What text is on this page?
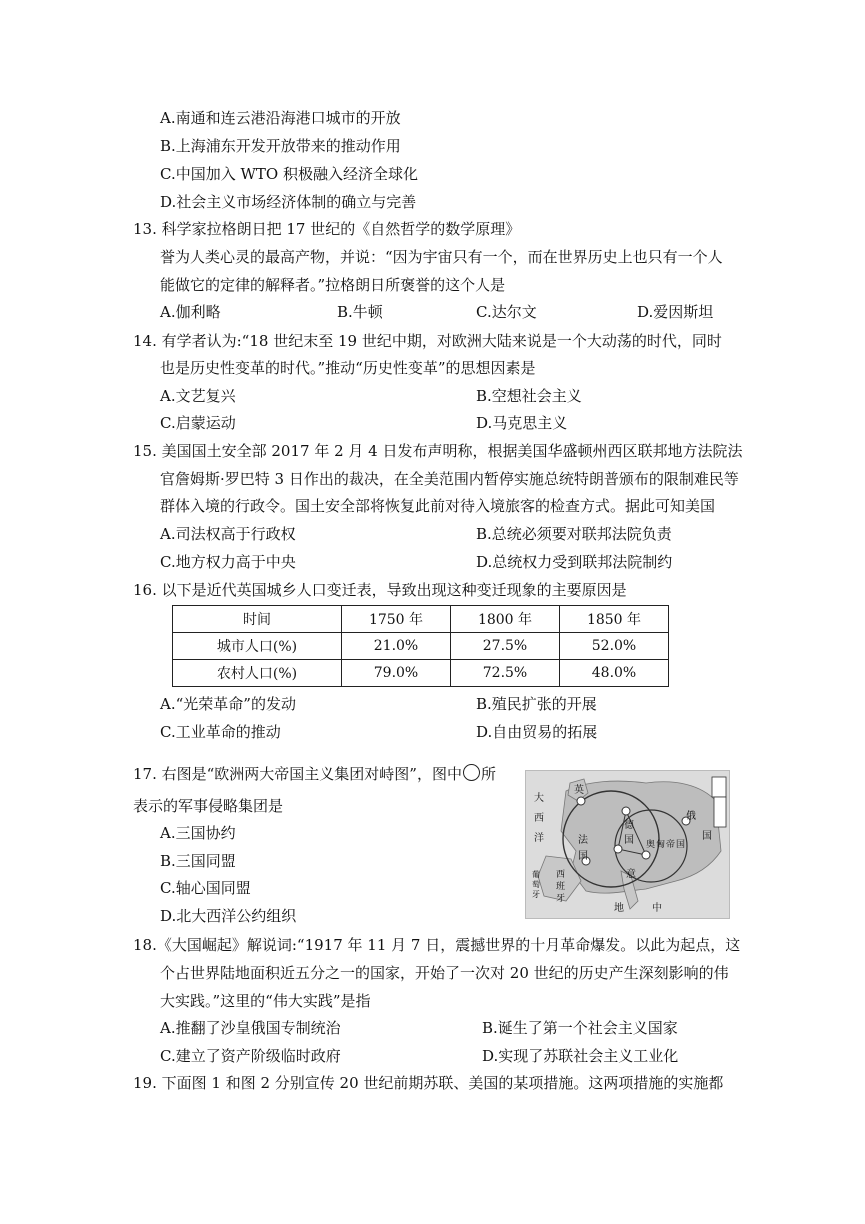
A.南通和连云港沿海港口城市的开放
B.上海浦东开发开放带来的推动作用
C.中国加入 WTO 积极融入经济全球化
D.社会主义市场经济体制的确立与完善
13. 科学家拉格朗日把 17 世纪的《自然哲学的数学原理》
誉为人类心灵的最高产物，并说：“因为宇宙只有一个，而在世界历史上也只有一个人
能做它的定律的解释者。”拉格朗日所褒誉的这个人是
A.伽利略	B.牛顿	C.达尔文	D.爱因斯坦
14. 有学者认为:“18 世纪末至 19 世纪中期，对欧洲大陆来说是一个大动荡的时代，同时
也是历史性变革的时代。”推动“历史性变革”的思想因素是
A.文艺复兴	B.空想社会主义
C.启蒙运动	D.马克思主义
15. 美国国土安全部 2017 年 2 月 4 日发布声明称，根据美国华盛顿州西区联邦地方法院法
官詹姆斯·罗巴特 3 日作出的裁决，在全美范围内暂停实施总统特朗普颁布的限制难民等
群体入境的行政令。国土安全部将恢复此前对待入境旅客的检查方式。据此可知美国
A.司法权高于行政权	B.总统必须要对联邦法院负责
C.地方权力高于中央	D.总统权力受到联邦法院制约
16. 以下是近代英国城乡人口变迁表，导致出现这种变迁现象的主要原因是
时间	1750 年	1800 年	1850 年
城市人口(%)	21.0%	27.5%	52.0%
农村人口(%)	79.0%	72.5%	48.0%
A.“光荣革命”的发动	B.殖民扩张的开展
C.工业革命的推动	D.自由贸易的拓展
17. 右图是“欧洲两大帝国主义集团对峙图”，图中 所
表示的军事侵略集团是
A.三国协约
B.三国同盟
C.轴心国同盟
D.北大西洋公约组织
大
西
洋
英
法
国
德
国 奥 匈 帝 国
意
俄
国
西
班
牙
葡
萄
牙
地	中
18.《大国崛起》解说词:“1917 年 11 月 7 日，震撼世界的十月革命爆发。以此为起点，这
个占世界陆地面积近五分之一的国家，开始了一次对 20 世纪的历史产生深刻影响的伟
大实践。”这里的“伟大实践”是指
A.推翻了沙皇俄国专制统治	B.诞生了第一个社会主义国家
C.建立了资产阶级临时政府	D.实现了苏联社会主义工业化
19. 下面图 1 和图 2 分别宣传 20 世纪前期苏联、美国的某项措施。这两项措施的实施都
